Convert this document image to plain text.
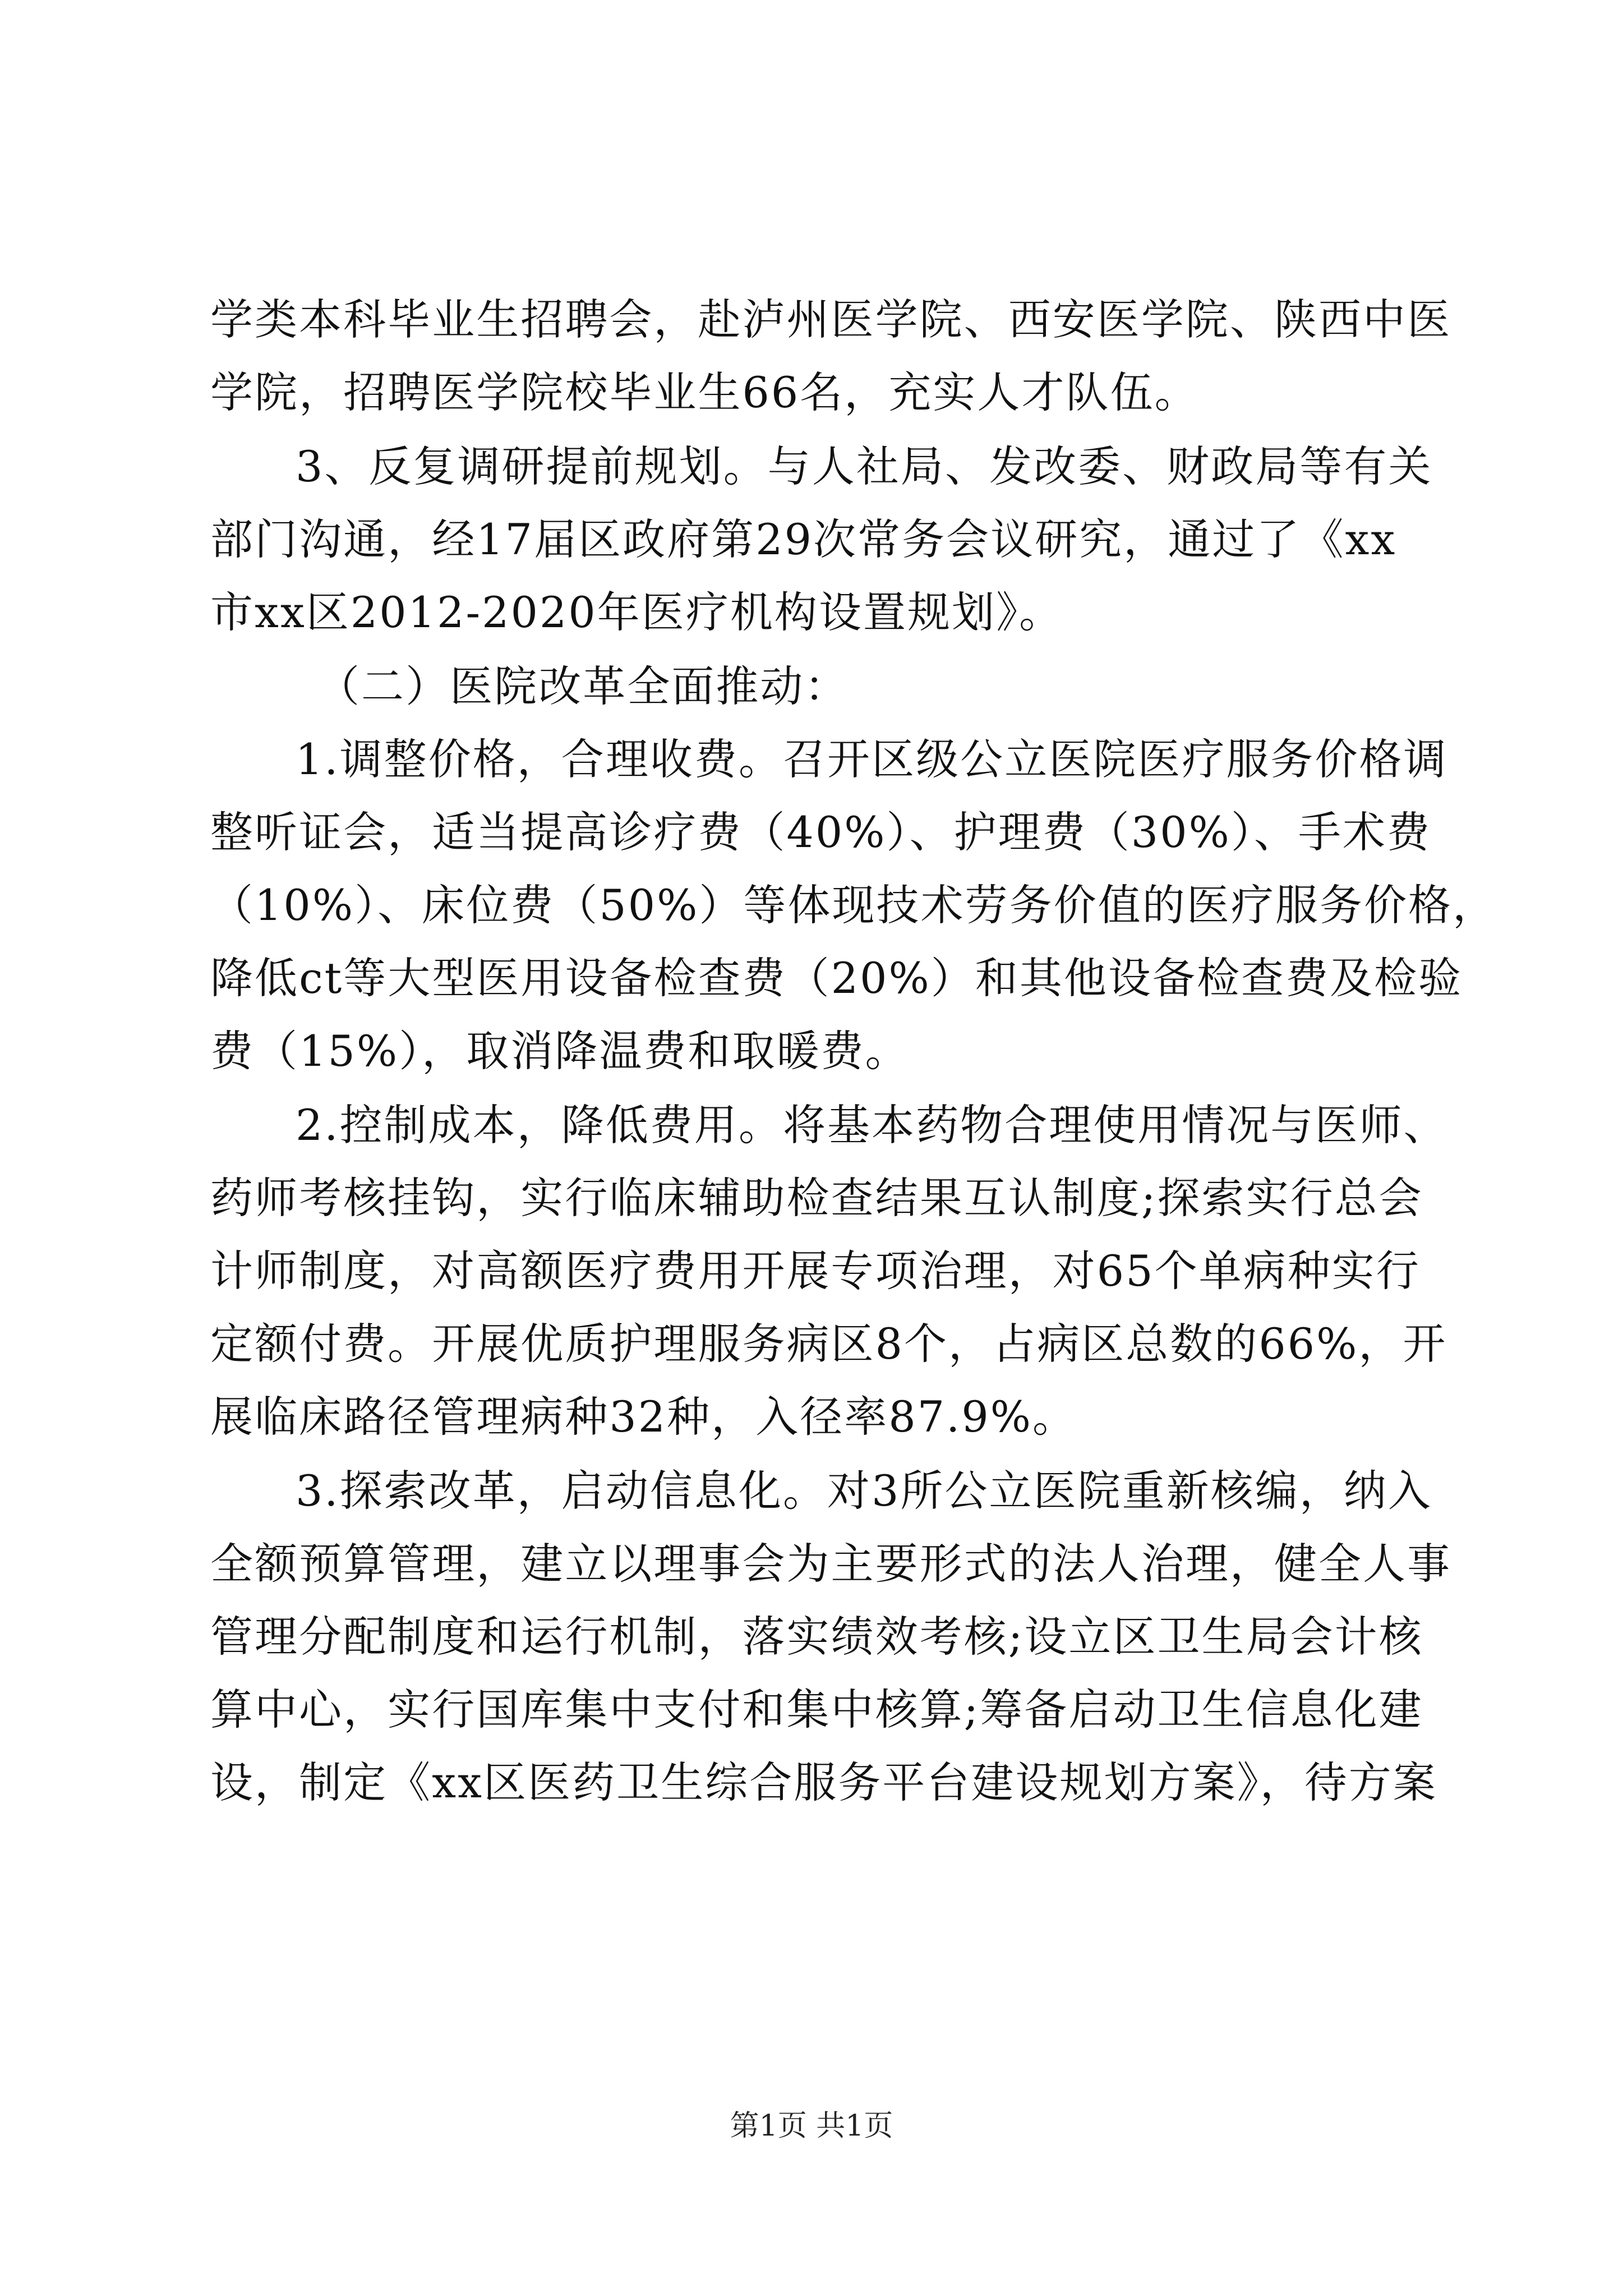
学类本科毕业生招聘会，赴泸州医学院、西安医学院、陕西中医
学院，招聘医学院校毕业生66名，充实人才队伍。
3、反复调研提前规划。与人社局、发改委、财政局等有关
部门沟通，经17届区政府第29次常务会议研究，通过了《xx
市xx区2012-2020年医疗机构设置规划》。
（二）医院改革全面推动：
1.调整价格，合理收费。召开区级公立医院医疗服务价格调
整听证会，适当提高诊疗费（40%）、护理费（30%）、手术费
（10%）、床位费（50%）等体现技术劳务价值的医疗服务价格，
降低ct等大型医用设备检查费（20%）和其他设备检查费及检验
费（15%），取消降温费和取暖费。
2.控制成本，降低费用。将基本药物合理使用情况与医师、
药师考核挂钩，实行临床辅助检查结果互认制度;探索实行总会
计师制度，对高额医疗费用开展专项治理，对65个单病种实行
定额付费。开展优质护理服务病区8个，占病区总数的66%，开
展临床路径管理病种32种，入径率87.9%。
3.探索改革，启动信息化。对3所公立医院重新核编，纳入
全额预算管理，建立以理事会为主要形式的法人治理，健全人事
管理分配制度和运行机制，落实绩效考核;设立区卫生局会计核
算中心，实行国库集中支付和集中核算;筹备启动卫生信息化建
设，制定《xx区医药卫生综合服务平台建设规划方案》，待方案
第1页 共1页
